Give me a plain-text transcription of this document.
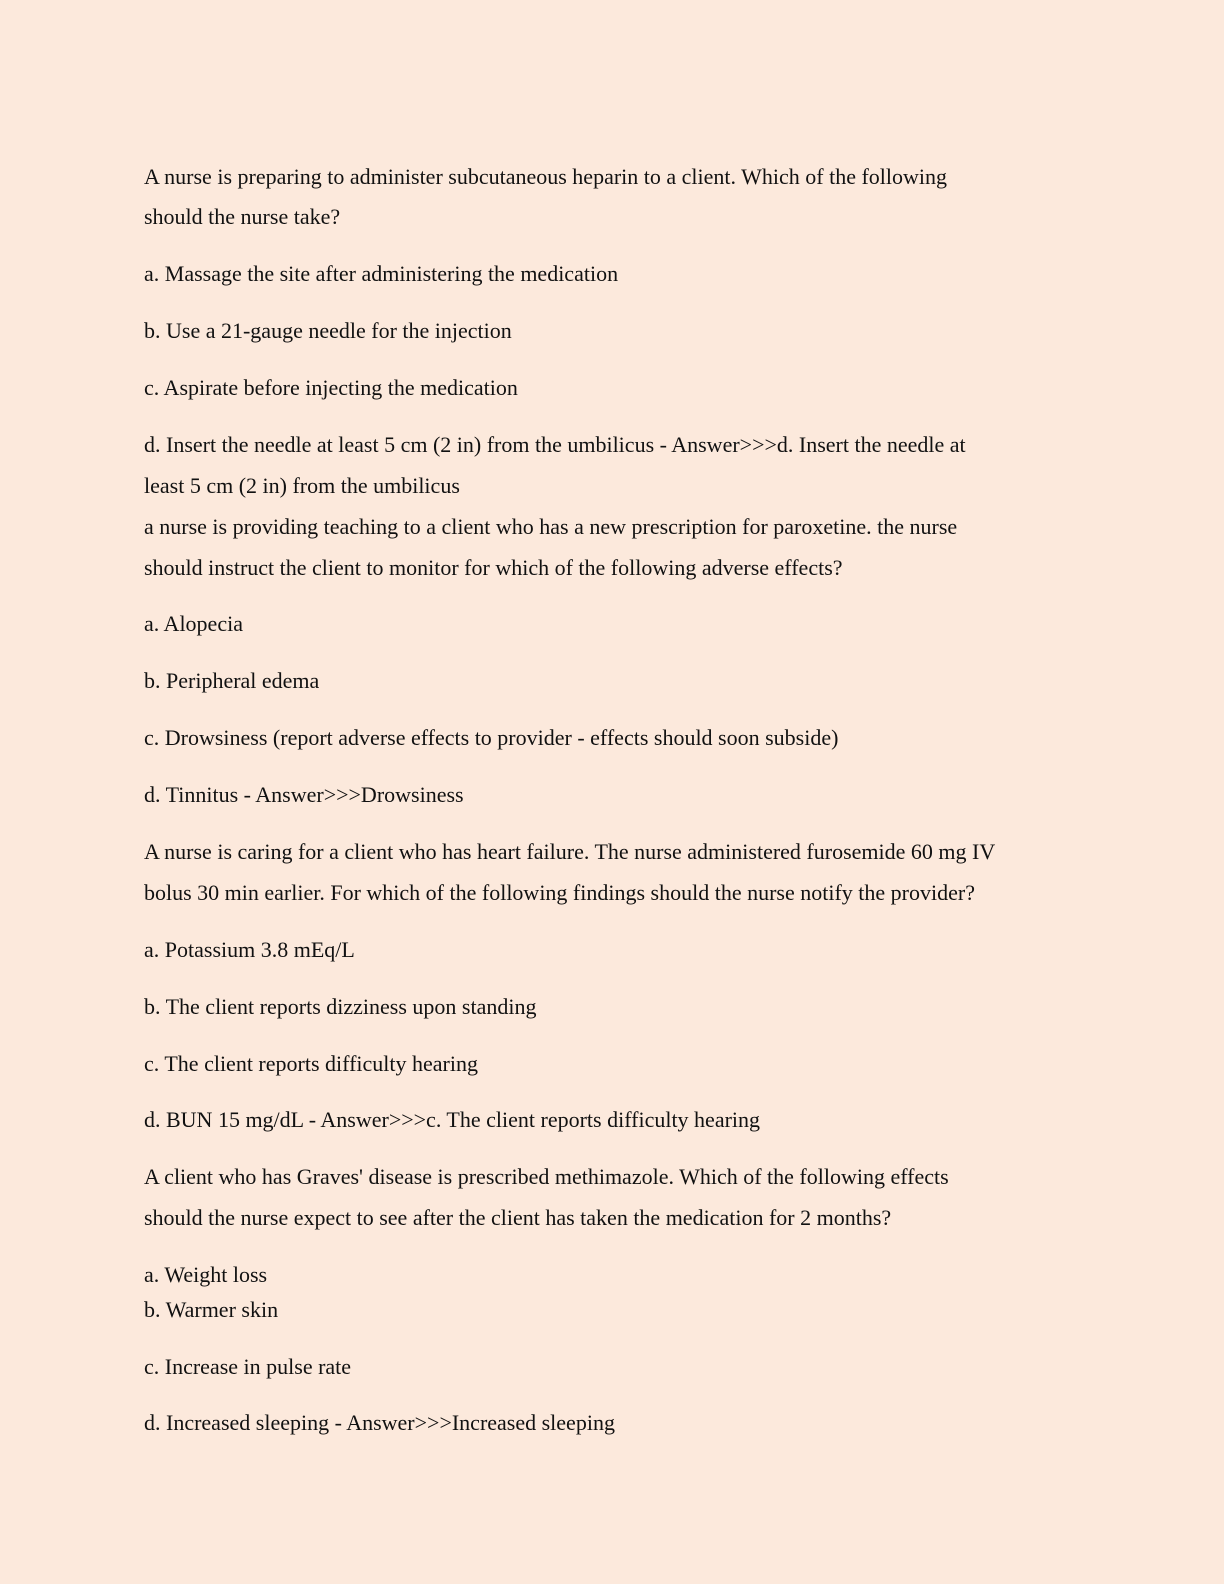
A nurse is preparing to administer subcutaneous heparin to a client. Which of the following
should the nurse take?
a. Massage the site after administering the medication
b. Use a 21-gauge needle for the injection
c. Aspirate before injecting the medication
d. Insert the needle at least 5 cm (2 in) from the umbilicus - Answer>>>d. Insert the needle at
least 5 cm (2 in) from the umbilicus
a nurse is providing teaching to a client who has a new prescription for paroxetine. the nurse
should instruct the client to monitor for which of the following adverse effects?
a. Alopecia
b. Peripheral edema
c. Drowsiness (report adverse effects to provider - effects should soon subside)
d. Tinnitus - Answer>>>Drowsiness
A nurse is caring for a client who has heart failure. The nurse administered furosemide 60 mg IV
bolus 30 min earlier. For which of the following findings should the nurse notify the provider?
a. Potassium 3.8 mEq/L
b. The client reports dizziness upon standing
c. The client reports difficulty hearing
d. BUN 15 mg/dL - Answer>>>c. The client reports difficulty hearing
A client who has Graves' disease is prescribed methimazole. Which of the following effects
should the nurse expect to see after the client has taken the medication for 2 months?
a. Weight loss
b. Warmer skin
c. Increase in pulse rate
d. Increased sleeping - Answer>>>Increased sleeping
